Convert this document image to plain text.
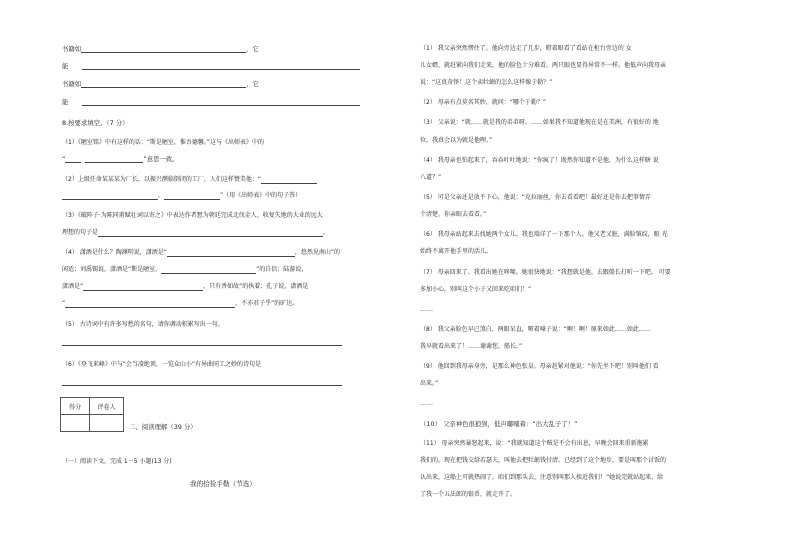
书籍如	，它
能
书籍如	，它
能
8.按要求填空。（7 分）
（1）《陋室铭》中有这样的话：“斯是陋室，惟吾德馨。”这与《出师表》中的
“	”意思一致。
（2）上级任命某某某为厂长，以振兴濒临倒闭的工厂，人们这样赞美他：“
，	”（用《出师表》中的句子答）
（3）《破阵子·为陈同甫赋壮词以寄之》中表达作者想为朝廷完成北伐金人、收复失地的大业的远大
理想的句子是	。
（4） 潇洒是什么？陶渊明说，潇洒是“	，悠然见南山”的
闲适；刘禹锡说，潇洒是“斯是陋室，	”的自信；陆游说，
潇洒是“	，只有香如故”的执着；孔子说，潇洒是
“	，不亦君子乎”的旷达。
（5） 古诗词中有许多写愁的名句，请你调动积累写出一句。
（6）《登飞来峰》中与“会当凌绝顶，一览众山小”有异曲同工之妙的诗句是
得分	评卷人

二、阅读理解（39 分）
（一）阅读下文，完成 1－5 小题(13 分)
我的拾捡手勒（节选）
（1） 我父亲突然愣住了。他向旁边走了几步，瞪着眼看了看站在柜台旁边的 女
儿女婿，就赶紧向我们走来，他的脸色十分难看，两只眼也显得异常不一样。他低声向我母亲
说：“这真奇怪！这个卖牡蛎的怎么这样像于勒？”
（2） 母亲有点莫名其妙，就问：“哪个于勒？”
（3） 父亲说：“就……就是我的弟弟呀。……如果我不知道他现在是在美洲，有很好的 地
位，我真会以为就是他哩。”
（4） 我母亲也怕起来了，吞吞吐吐地说：“你疯了！既然你知道不是他，为什么这样瞎 说
八道？”
（5） 可是父亲还是放不下心，他说：“克拉丽丝，你去看看吧！最好还是你去把事情弄
个清楚，你亲眼去看看。”
（6） 我母亲站起来去找她两个女儿。我也端详了一下那个人。他又老又脏，满脸皱纹，眼 光
始终不离开他手里的活儿。
（7） 母亲回来了。我看出她在哆嗦。她很快地说：“我想就是他。去跟船长打听一下吧。 可要
多加小心，别叫这个小子又回来吃咱们！”
……
（8） 我父亲脸色早已煞白，两眼呆直，哑着嗓子说：“啊！啊！原来如此……如此……
我早就看出来了！……谢谢您，船长。”
（9） 他回到我母亲身旁，是那么神色张皇。母亲赶紧对他说：“你先坐下吧！别叫他们 看
出来。”
……
（10） 父亲神色很狼狈，低声嘟囔着：“出大乱子了！”
（11） 母亲突然暴怒起来，说：“我就知道这个贼是不会有出息，早晚会回来重新拖累
我们的。现在把钱交给若瑟夫，叫他去把牡蛎钱付清。已经到了这个地步，要是叫那个讨饭的
认出来，这船上可就热闹了。咱们到那头去，注意别叫那人挨近我们！”她说完就站起来，给
了我一个五法郎的银币，就走开了。
